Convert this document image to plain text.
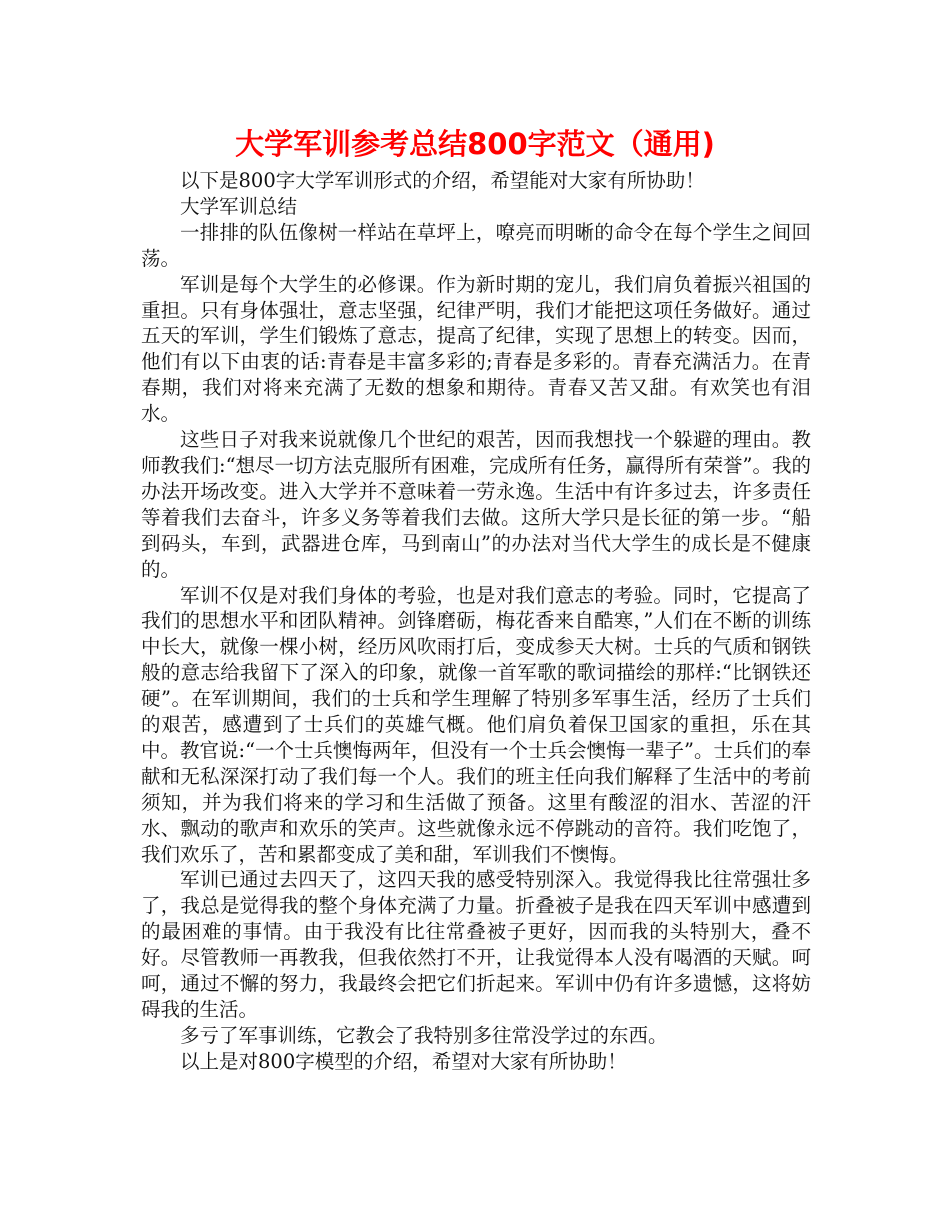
大学军训参考总结800字范文（通用)

以下是800字大学军训形式的介绍，希望能对大家有所协助！

大学军训总结

一排排的队伍像树一样站在草坪上，嘹亮而明晰的命令在每个学生之间回荡。

军训是每个大学生的必修课。作为新时期的宠儿，我们肩负着振兴祖国的重担。只有身体强壮，意志坚强，纪律严明，我们才能把这项任务做好。通过五天的军训，学生们锻炼了意志，提高了纪律，实现了思想上的转变。因而，他们有以下由衷的话:青春是丰富多彩的;青春是多彩的。青春充满活力。在青春期，我们对将来充满了无数的想象和期待。青春又苦又甜。有欢笑也有泪水。

这些日子对我来说就像几个世纪的艰苦，因而我想找一个躲避的理由。教师教我们:“想尽一切方法克服所有困难，完成所有任务，赢得所有荣誉”。我的办法开场改变。进入大学并不意味着一劳永逸。生活中有许多过去，许多责任等着我们去奋斗，许多义务等着我们去做。这所大学只是长征的第一步。“船到码头，车到，武器进仓库，马到南山”的办法对当代大学生的成长是不健康的。

军训不仅是对我们身体的考验，也是对我们意志的考验。同时，它提高了我们的思想水平和团队精神。剑锋磨砺，梅花香来自酷寒，”人们在不断的训练中长大，就像一棵小树，经历风吹雨打后，变成参天大树。士兵的气质和钢铁般的意志给我留下了深入的印象，就像一首军歌的歌词描绘的那样:“比钢铁还硬”。在军训期间，我们的士兵和学生理解了特别多军事生活，经历了士兵们的艰苦，感遭到了士兵们的英雄气概。他们肩负着保卫国家的重担，乐在其中。教官说:“一个士兵懊悔两年，但没有一个士兵会懊悔一辈子”。士兵们的奉献和无私深深打动了我们每一个人。我们的班主任向我们解释了生活中的考前须知，并为我们将来的学习和生活做了预备。这里有酸涩的泪水、苦涩的汗水、飘动的歌声和欢乐的笑声。这些就像永远不停跳动的音符。我们吃饱了，我们欢乐了，苦和累都变成了美和甜，军训我们不懊悔。

军训已通过去四天了，这四天我的感受特别深入。我觉得我比往常强壮多了，我总是觉得我的整个身体充满了力量。折叠被子是我在四天军训中感遭到的最困难的事情。由于我没有比往常叠被子更好，因而我的头特别大，叠不好。尽管教师一再教我，但我依然打不开，让我觉得本人没有喝酒的天赋。呵呵，通过不懈的努力，我最终会把它们折起来。军训中仍有许多遗憾，这将妨碍我的生活。

多亏了军事训练，它教会了我特别多往常没学过的东西。

以上是对800字模型的介绍，希望对大家有所协助！
